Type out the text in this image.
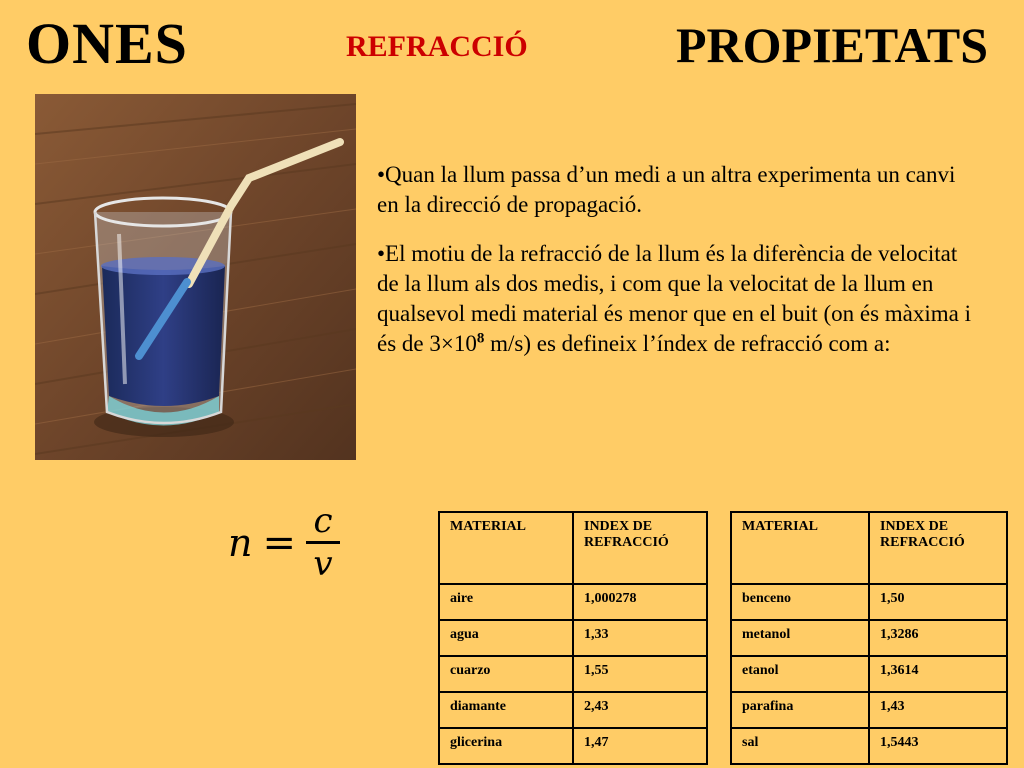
ONES	REFRACCIÓ	PROPIETATS

•Quan la llum passa d’un medi a un altra experimenta un canvi en la direcció de propagació.

•El motiu de la refracció de la llum és la diferència de velocitat de la llum als dos medis, i com que la velocitat de la llum en qualsevol medi material és menor que en el buit (on és màxima i és de $3\times 10^8$ m/s) es defineix l’índex de refracció com a:

$n = \frac{c}{v}$	MATERIAL	INDEX DE
REFRACCIÓ
aire	1,000278
agua	1,33
cuarzo	1,55
diamante	2,43
glicerina	1,47
MATERIAL	INDEX DE
REFRACCIÓ
benceno	1,50
metanol	1,3286
etanol	1,3614
parafina	1,43
sal	1,5443
